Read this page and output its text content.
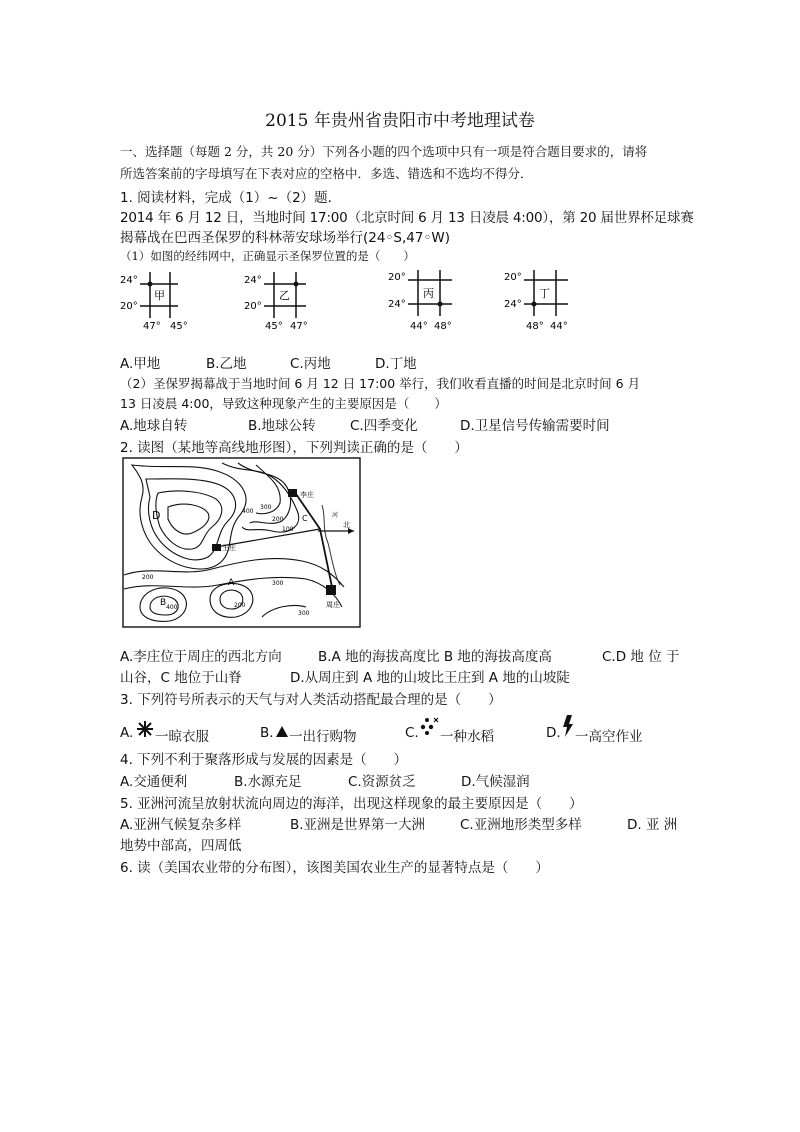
2015 年贵州省贵阳市中考地理试卷
一、选择题（每题 2 分，共 20 分）下列各小题的四个选项中只有一项是符合题目要求的，请将
所选答案前的字母填写在下表对应的空格中．多选、错选和不选均不得分．
1. 阅读材料，完成（1）~（2）题．
2014 年 6 月 12 日，当地时间 17:00（北京时间 6 月 13 日凌晨 4:00），第 20 届世界杯足球赛
揭幕战在巴西圣保罗的科林蒂安球场举行(24◦S,47◦W)
（1）如图的经纬网中，正确显示圣保罗位置的是（　　）
24°
20°
47° 45°
甲
24°
20°
45° 47°
乙
20°
24°
44° 48°
丙
20°
24°
48° 44°
丁
A.甲地	B.乙地	C.丙地	D.丁地
（2）圣保罗揭幕战于当地时间 6 月 12 日 17:00 举行，我们收看直播的时间是北京时间 6 月
13 日凌晨 4:00，导致这种现象产生的主要原因是（　　）
A.地球自转	B.地球公转	C.四季变化	D.卫星信号传输需要时间
2. 读图（某地等高线地形图），下列判读正确的是（　　）
北
李庄
王庄
周庄
河
C
D
A
B
400
300
200
100
200
300
400	200
300
A.李庄位于周庄的西北方向	B.A 地的海拔高度比 B 地的海拔高度高	C.D 地 位 于
山谷，C 地位于山脊	D.从周庄到 A 地的山坡比王庄到 A 地的山坡陡
3. 下列符号所表示的天气与对人类活动搭配最合理的是（　　）
A. 一晾衣服	B. 一出行购物	C. 一种水稻	D. 一高空作业
4. 下列不利于聚落形成与发展的因素是（　　）
A.交通便利	B.水源充足	C.资源贫乏	D.气候湿润
5. 亚洲河流呈放射状流向周边的海洋，出现这样现象的最主要原因是（　　）
A.亚洲气候复杂多样	B.亚洲是世界第一大洲	C.亚洲地形类型多样	D. 亚 洲
地势中部高，四周低
6. 读（美国农业带的分布图），该图美国农业生产的显著特点是（　　）
